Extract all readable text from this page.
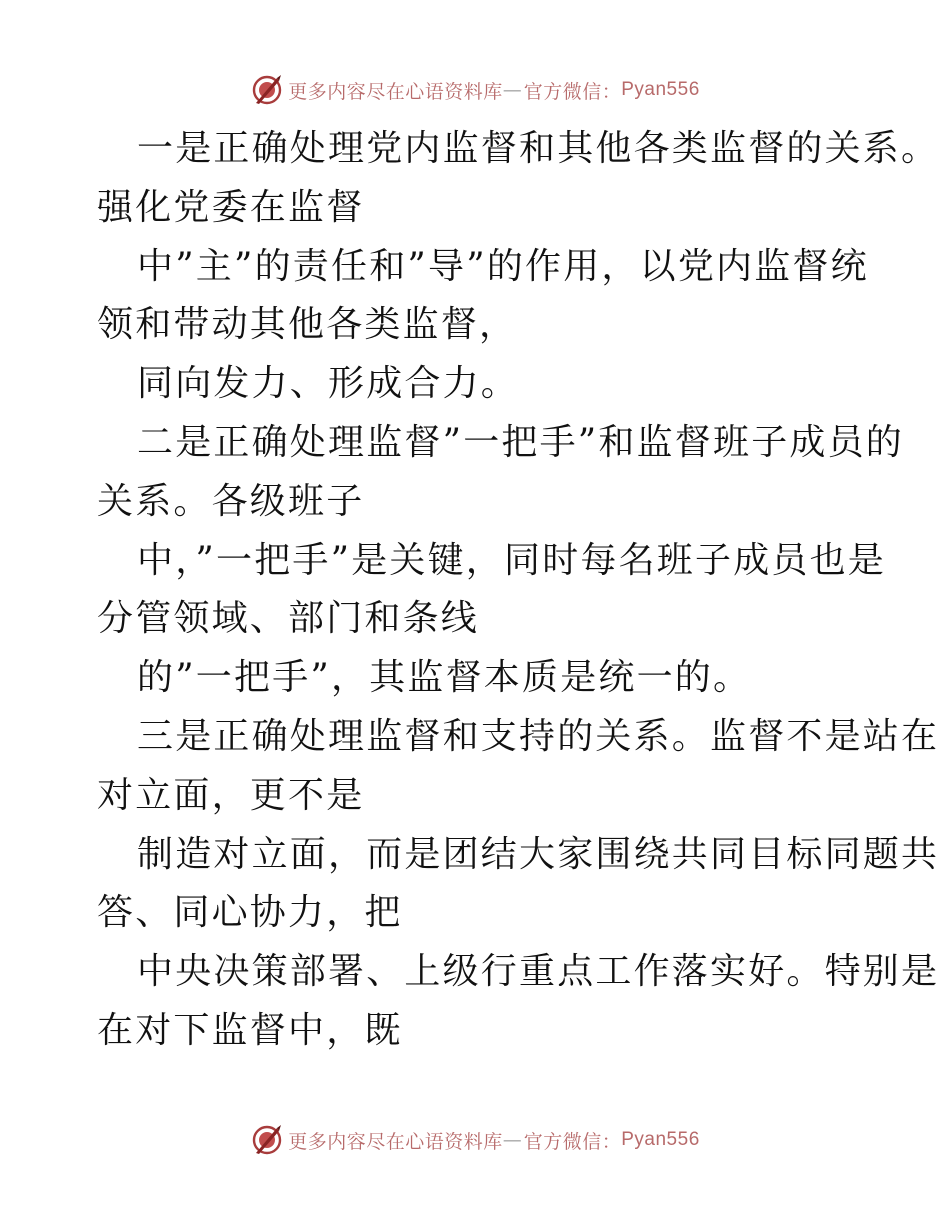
更多内容尽在心语资料库 — 官方微信： Pyan556
一是正确处理党内监督和其他各类监督的关系。
强化党委在监督
中”主”的责任和”导”的作用，以党内监督统
领和带动其他各类监督，
同向发力、形成合力。
二是正确处理监督”一把手”和监督班子成员的
关系。各级班子
中，”一把手”是关键，同时每名班子成员也是
分管领域、部门和条线
的”一把手”，其监督本质是统一的。
三是正确处理监督和支持的关系。监督不是站在
对立面，更不是
制造对立面，而是团结大家围绕共同目标同题共
答、同心协力，把
中央决策部署、上级行重点工作落实好。特别是
在对下监督中，既
更多内容尽在心语资料库 — 官方微信： Pyan556
